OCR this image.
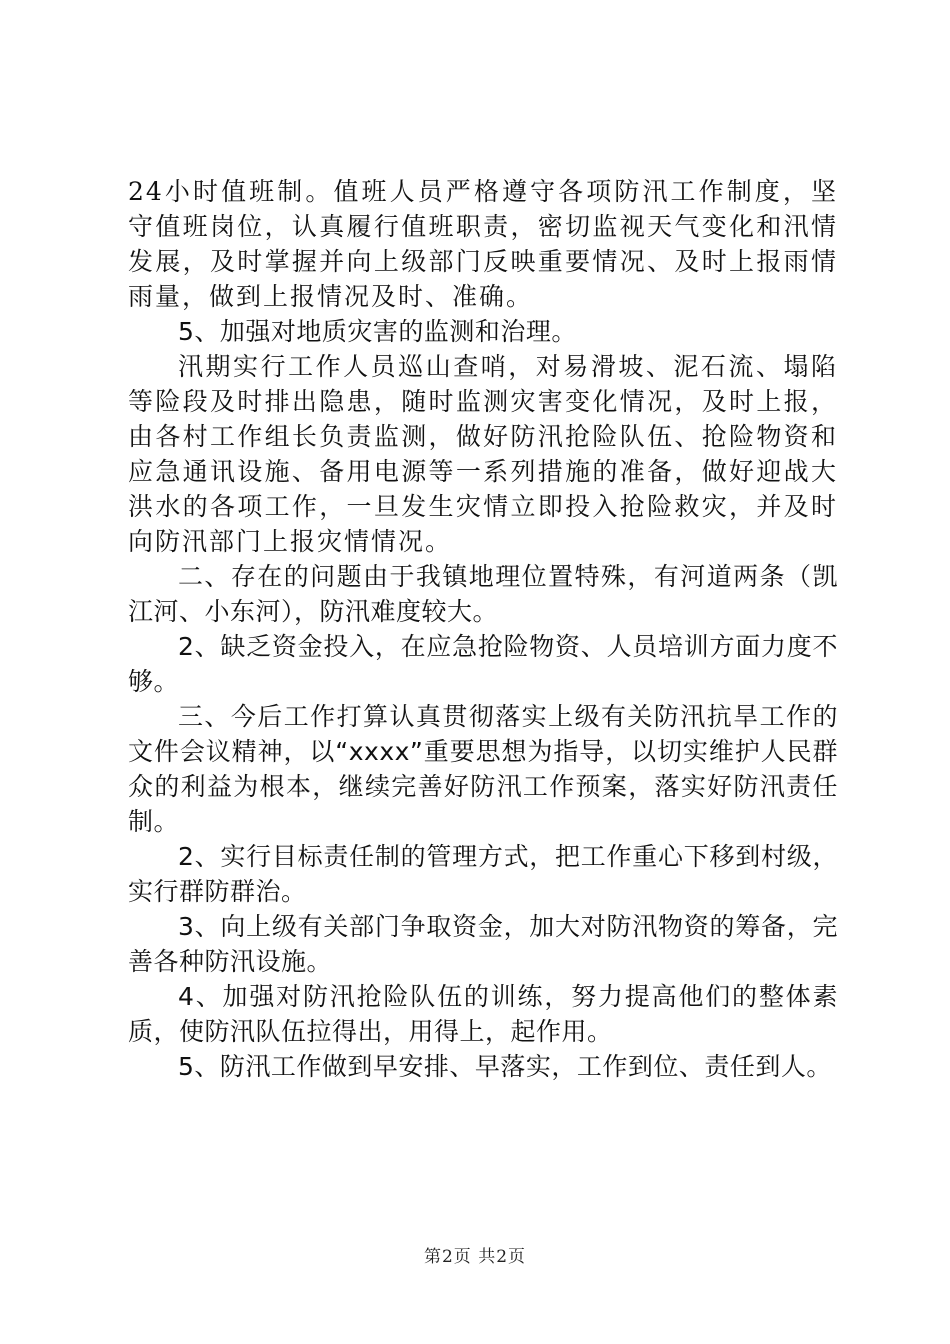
24小时值班制。值班人员严格遵守各项防汛工作制度，坚守值班岗位，认真履行值班职责，密切监视天气变化和汛情发展，及时掌握并向上级部门反映重要情况、及时上报雨情雨量，做到上报情况及时、准确。

5、加强对地质灾害的监测和治理。

汛期实行工作人员巡山查哨，对易滑坡、泥石流、塌陷等险段及时排出隐患，随时监测灾害变化情况，及时上报，由各村工作组长负责监测，做好防汛抢险队伍、抢险物资和应急通讯设施、备用电源等一系列措施的准备，做好迎战大洪水的各项工作，一旦发生灾情立即投入抢险救灾，并及时向防汛部门上报灾情情况。

二、存在的问题由于我镇地理位置特殊，有河道两条（凯江河、小东河），防汛难度较大。

2、缺乏资金投入，在应急抢险物资、人员培训方面力度不够。

三、今后工作打算认真贯彻落实上级有关防汛抗旱工作的文件会议精神，以“xxxx”重要思想为指导，以切实维护人民群众的利益为根本，继续完善好防汛工作预案，落实好防汛责任制。

2、实行目标责任制的管理方式，把工作重心下移到村级，实行群防群治。

3、向上级有关部门争取资金，加大对防汛物资的筹备，完善各种防汛设施。

4、加强对防汛抢险队伍的训练，努力提高他们的整体素质，使防汛队伍拉得出，用得上，起作用。

5、防汛工作做到早安排、早落实，工作到位、责任到人。

第2页 共2页
